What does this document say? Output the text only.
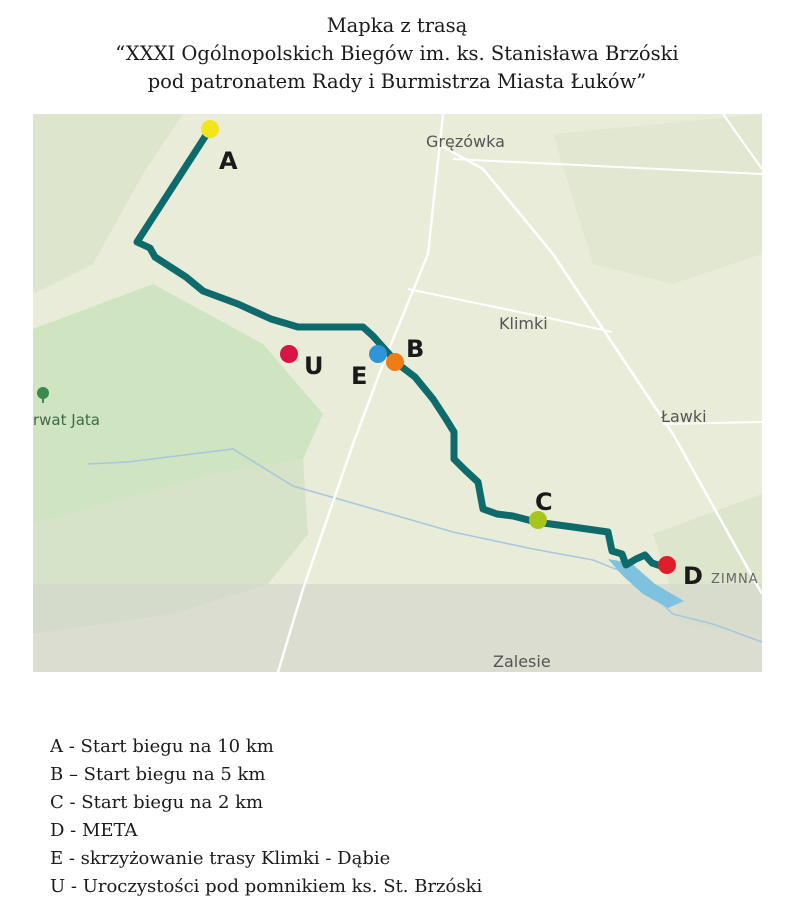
Mapka z trasą
“XXXI Ogólnopolskich Biegów im. ks. Stanisława Brzóski
pod patronatem Rady i Burmistrza Miasta Łuków”
Gręzówka
Klimki
Ławki
rwat Jata
ZIMNA
Zalesie
A
E
B
U
C
D
A - Start biegu na 10 km
B – Start biegu na 5 km
C - Start biegu na 2 km
D - META
E - skrzyżowanie trasy Klimki - Dąbie
U - Uroczystości pod pomnikiem ks. St. Brzóski
